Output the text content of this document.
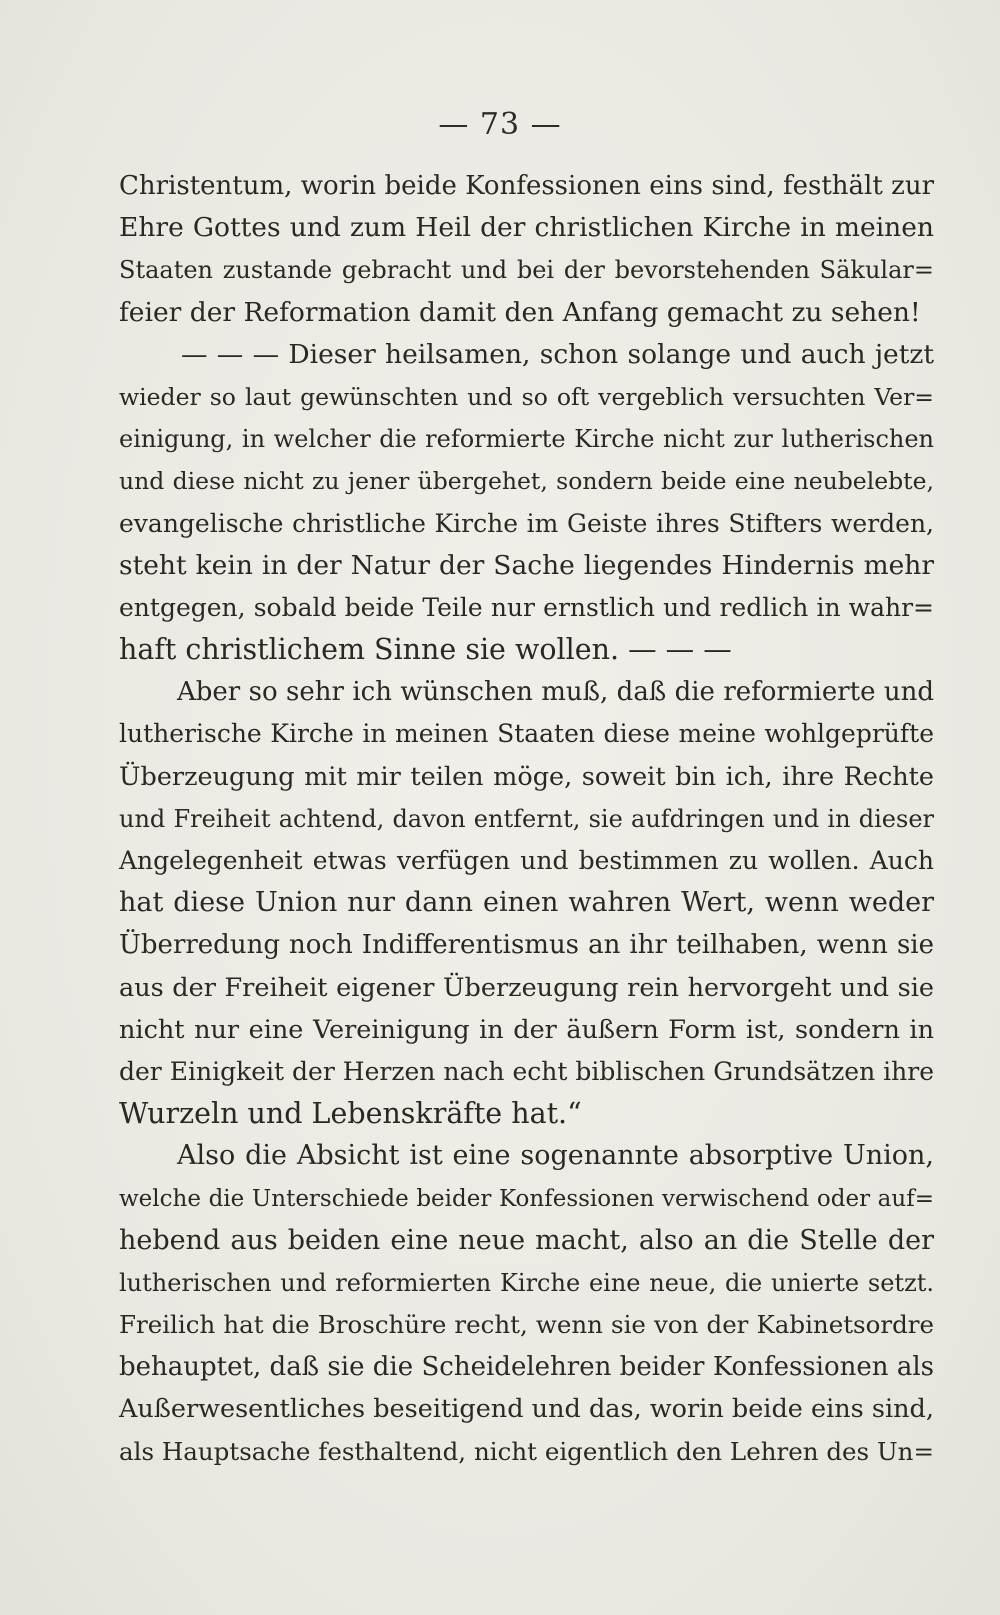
— 73 —
Christentum, worin beide Konfessionen eins sind, festhält zur
Ehre Gottes und zum Heil der christlichen Kirche in meinen
Staaten zustande gebracht und bei der bevorstehenden Säkular=
feier der Reformation damit den Anfang gemacht zu sehen!
— — — Dieser heilsamen, schon solange und auch jetzt
wieder so laut gewünschten und so oft vergeblich versuchten Ver=
einigung, in welcher die reformierte Kirche nicht zur lutherischen
und diese nicht zu jener übergehet, sondern beide eine neubelebte,
evangelische christliche Kirche im Geiste ihres Stifters werden,
steht kein in der Natur der Sache liegendes Hindernis mehr
entgegen, sobald beide Teile nur ernstlich und redlich in wahr=
haft christlichem Sinne sie wollen. — — —
Aber so sehr ich wünschen muß, daß die reformierte und
lutherische Kirche in meinen Staaten diese meine wohlgeprüfte
Überzeugung mit mir teilen möge, soweit bin ich, ihre Rechte
und Freiheit achtend, davon entfernt, sie aufdringen und in dieser
Angelegenheit etwas verfügen und bestimmen zu wollen. Auch
hat diese Union nur dann einen wahren Wert, wenn weder
Überredung noch Indifferentismus an ihr teilhaben, wenn sie
aus der Freiheit eigener Überzeugung rein hervorgeht und sie
nicht nur eine Vereinigung in der äußern Form ist, sondern in
der Einigkeit der Herzen nach echt biblischen Grundsätzen ihre
Wurzeln und Lebenskräfte hat.“
Also die Absicht ist eine sogenannte absorptive Union,
welche die Unterschiede beider Konfessionen verwischend oder auf=
hebend aus beiden eine neue macht, also an die Stelle der
lutherischen und reformierten Kirche eine neue, die unierte setzt.
Freilich hat die Broschüre recht, wenn sie von der Kabinetsordre
behauptet, daß sie die Scheidelehren beider Konfessionen als
Außerwesentliches beseitigend und das, worin beide eins sind,
als Hauptsache festhaltend, nicht eigentlich den Lehren des Un=
